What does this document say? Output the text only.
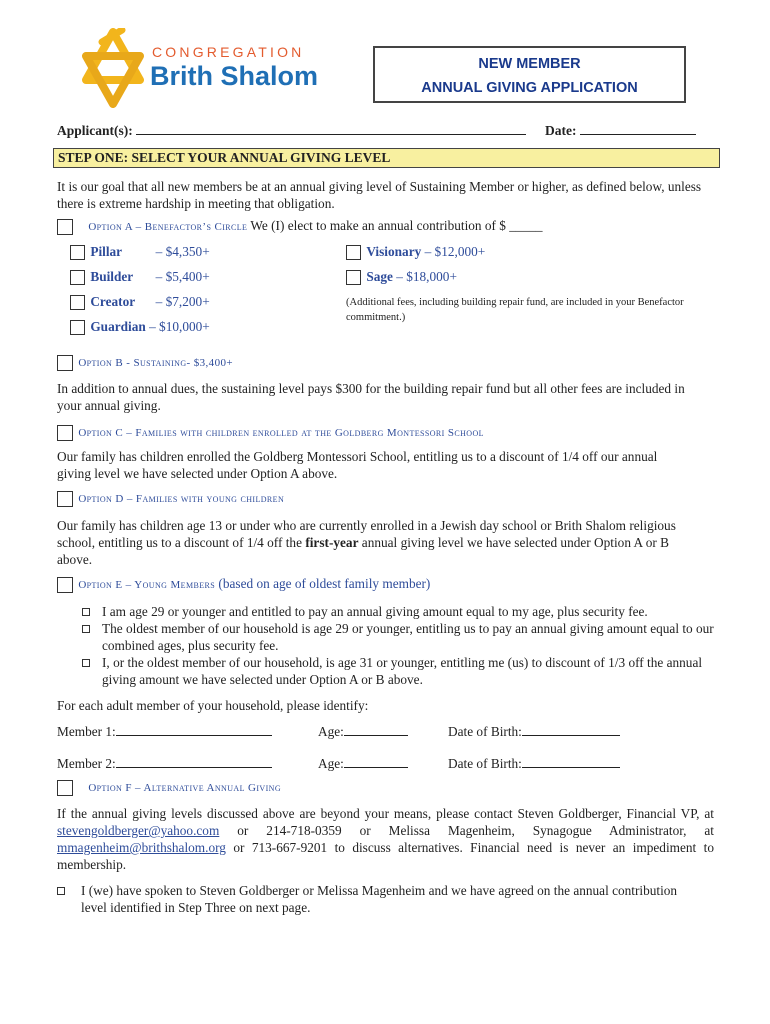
CONGREGATION
Brith Shalom	NEW MEMBER
ANNUAL GIVING APPLICATION
Applicant(s):	Date:
STEP ONE: SELECT YOUR ANNUAL GIVING LEVEL

It is our goal that all new members be at an annual giving level of Sustaining Member or higher, as defined below, unless there is extreme hardship in meeting that obligation.

Option A – Benefactor’s Circle We (I) elect to make an annual contribution of $ _____
Pillar	– $4,350+
Builder – $5,400+
Creator – $7,200+
Guardian – $10,000+
Visionary – $12,000+
Sage – $18,000+

(Additional fees, including building repair fund, are included in your Benefactor commitment.)

Option B - Sustaining- $3,400+

In addition to annual dues, the sustaining level pays $300 for the building repair fund but all other fees are included in your annual giving.

Option C – Families with children enrolled at the Goldberg Montessori School

Our family has children enrolled the Goldberg Montessori School, entitling us to a discount of 1/4 off our annual giving level we have selected under Option A above.

Option D – Families with young children

Our family has children age 13 or under who are currently enrolled in a Jewish day school or Brith Shalom religious school, entitling us to a discount of 1/4 off the first-year annual giving level we have selected under Option A or B above.

Option E – Young Members (based on age of oldest family member)

I am age 29 or younger and entitled to pay an annual giving amount equal to my age, plus security fee.

The oldest member of our household is age 29 or younger, entitling us to pay an annual giving amount equal to our combined ages, plus security fee.

I, or the oldest member of our household, is age 31 or younger, entitling me (us) to discount of 1/3 off the annual giving amount we have selected under Option A or B above.

For each adult member of your household, please identify:

Member 1:	Age:	Date of Birth:
Member 2:	Age:	Date of Birth:
Option F – Alternative Annual Giving

If the annual giving levels discussed above are beyond your means, please contact Steven Goldberger, Financial VP, at stevengoldberger@yahoo.com or 214-718-0359 or Melissa Magenheim, Synagogue Administrator, at mmagenheim@brithshalom.org or 713-667-9201 to discuss alternatives. Financial need is never an impediment to membership.

I (we) have spoken to Steven Goldberger or Melissa Magenheim and we have agreed on the annual contribution level identified in Step Three on next page.
